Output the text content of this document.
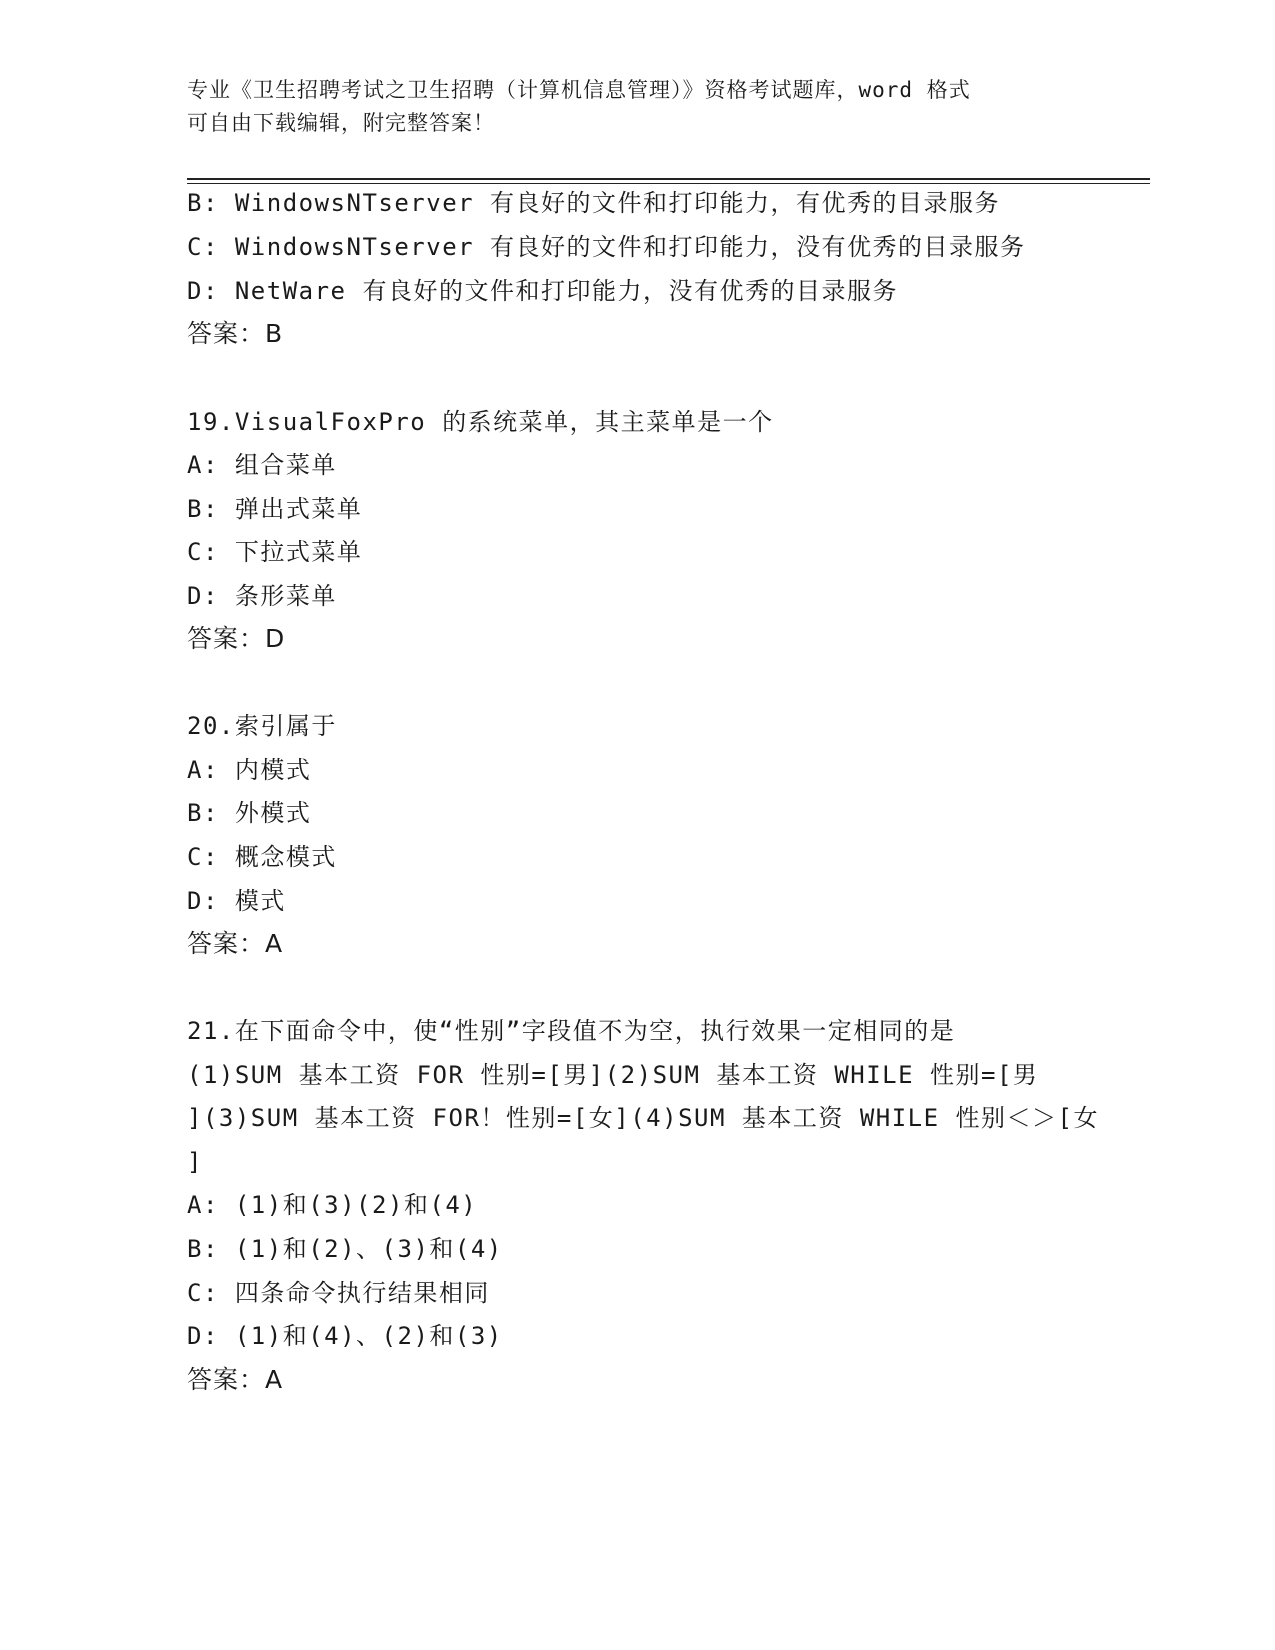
专业《卫生招聘考试之卫生招聘（计算机信息管理）》资格考试题库，word 格式
可自由下载编辑，附完整答案！
B: WindowsNTserver 有良好的文件和打印能力，有优秀的目录服务
C: WindowsNTserver 有良好的文件和打印能力，没有优秀的目录服务
D: NetWare 有良好的文件和打印能力，没有优秀的目录服务
答案：B
19.VisualFoxPro 的系统菜单，其主菜单是一个
A: 组合菜单
B: 弹出式菜单
C: 下拉式菜单
D: 条形菜单
答案：D
20.索引属于
A: 内模式
B: 外模式
C: 概念模式
D: 模式
答案：A
21.在下面命令中，使“性别”字段值不为空，执行效果一定相同的是
(1)SUM 基本工资 FOR 性别=[男](2)SUM 基本工资 WHILE 性别=[男
](3)SUM 基本工资 FOR！性别=[女](4)SUM 基本工资 WHILE 性别＜＞[女
]
A: (1)和(3)(2)和(4)
B: (1)和(2)、(3)和(4)
C: 四条命令执行结果相同
D: (1)和(4)、(2)和(3)
答案：A
